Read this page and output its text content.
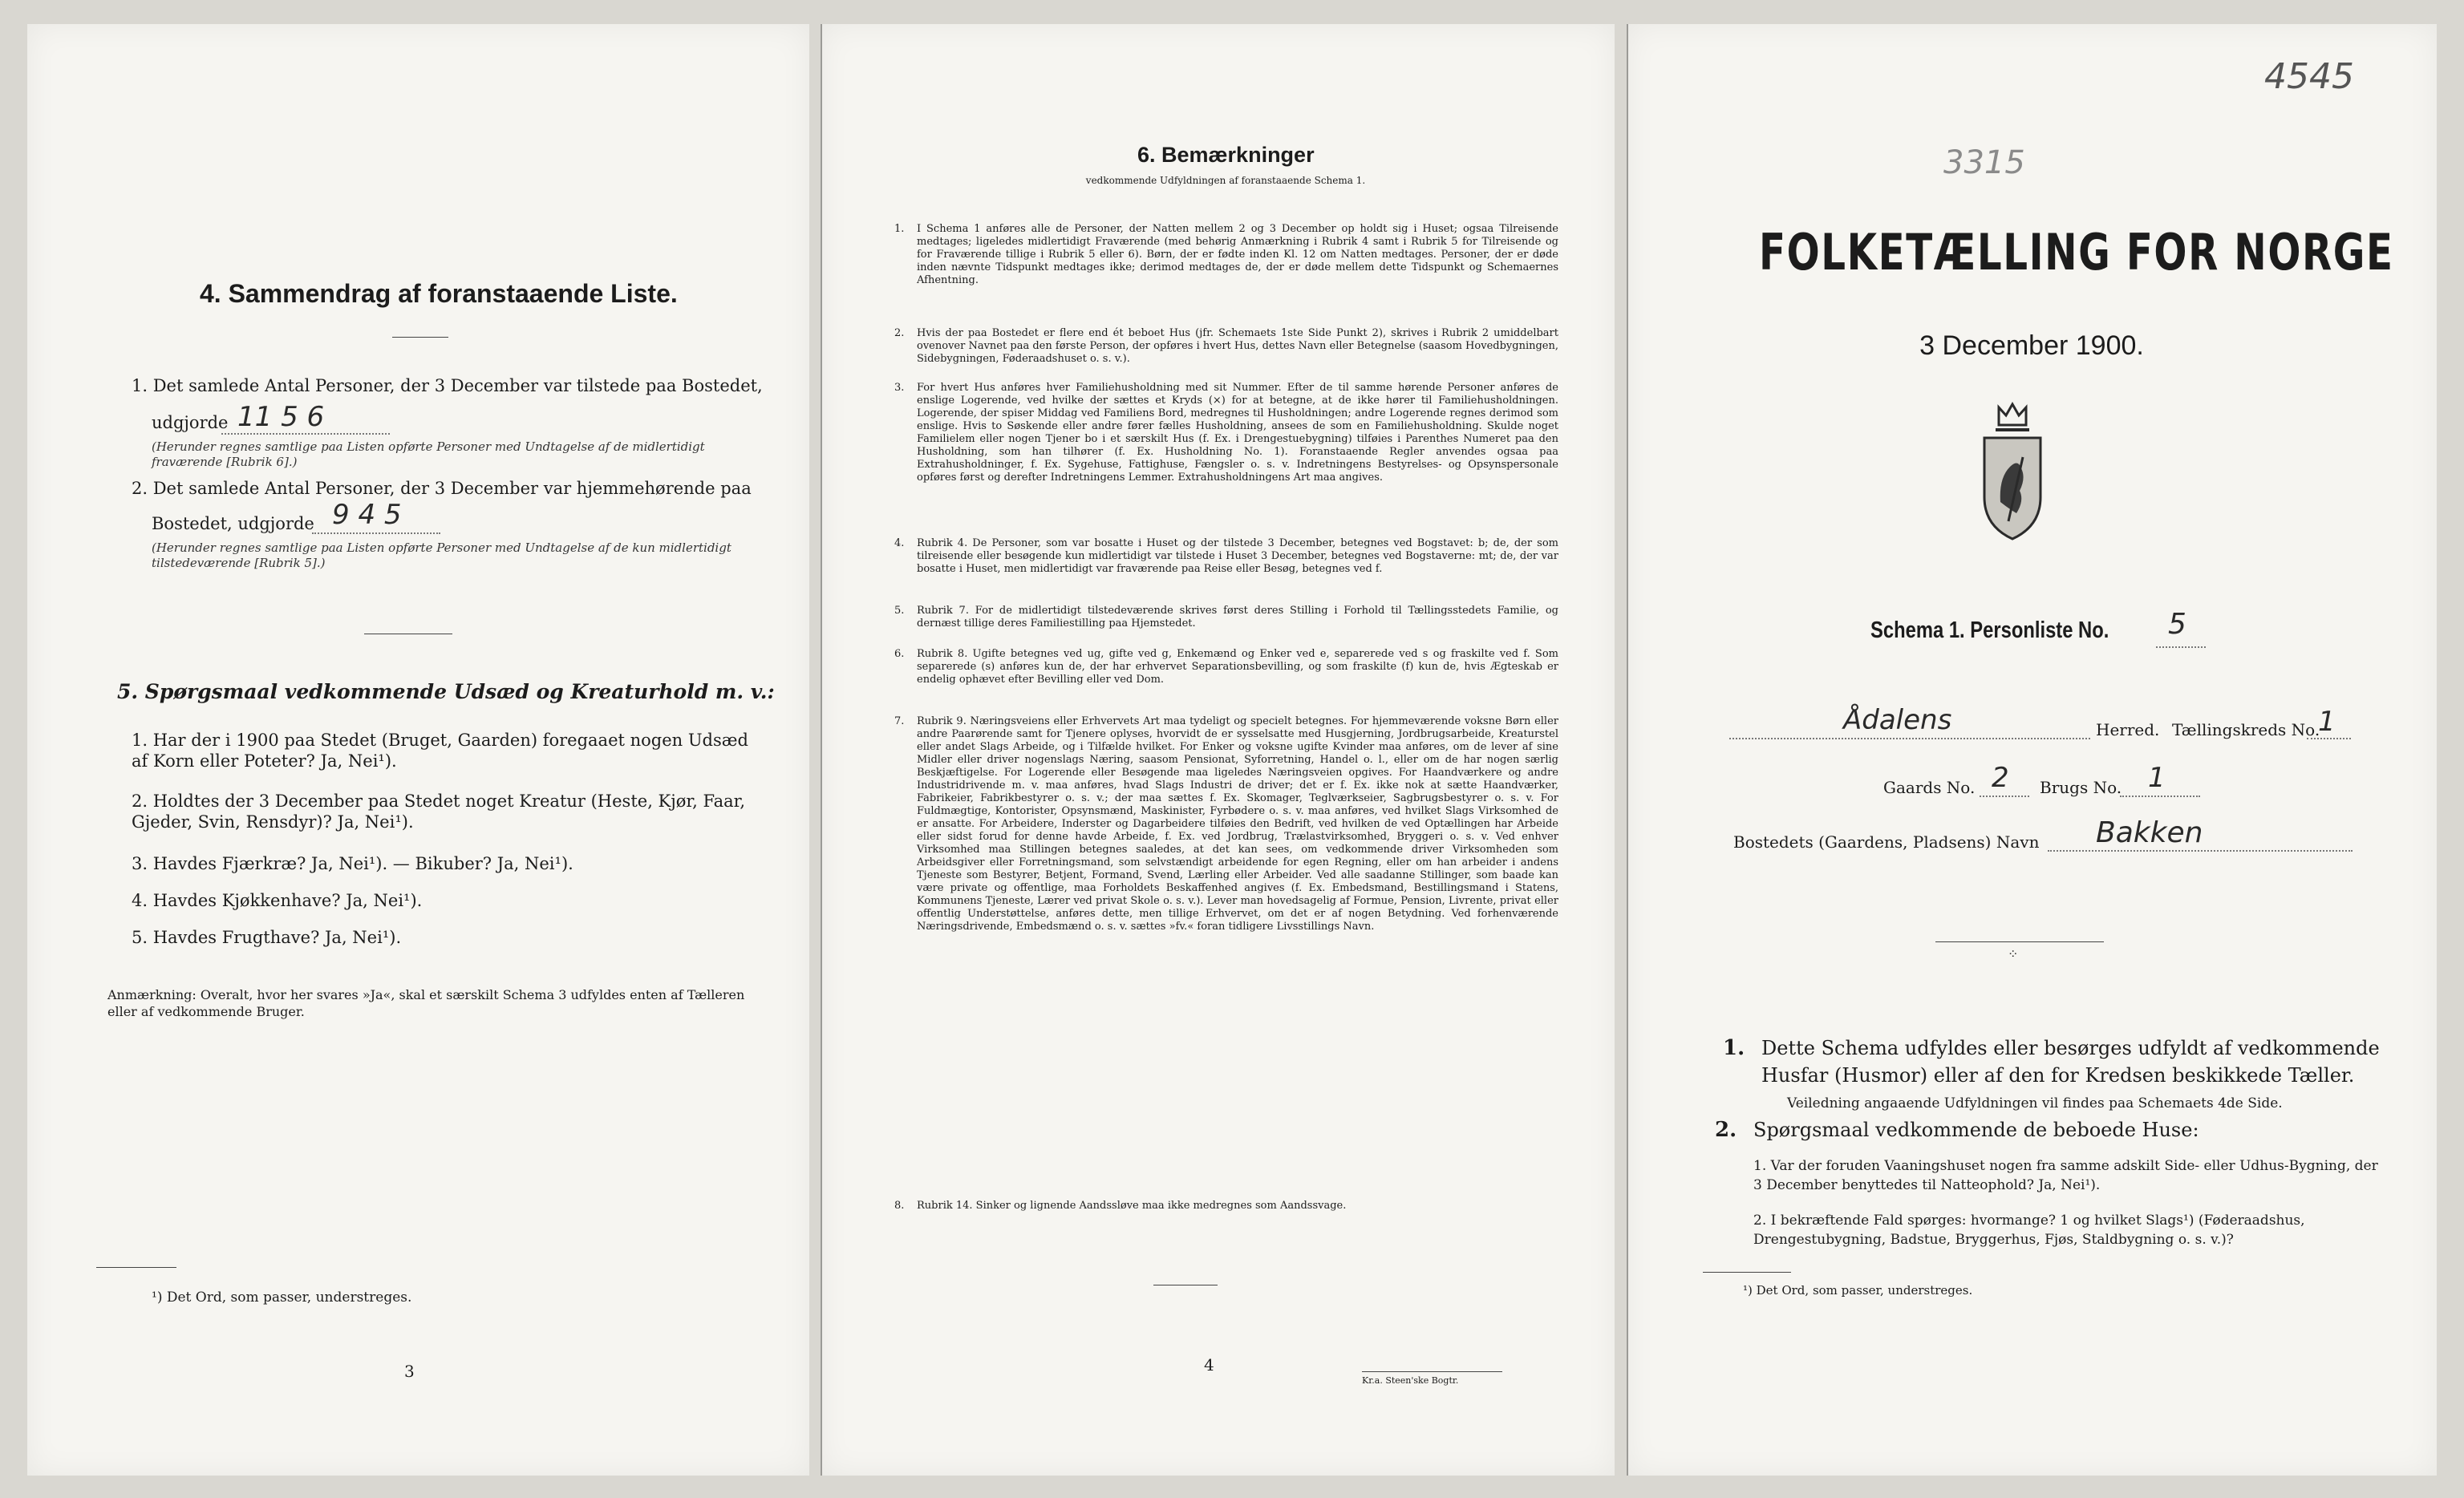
4. Sammendrag af foranstaaende Liste.
1. Det samlede Antal Personer, der 3 December var tilstede paa Bostedet,
udgjorde 11 5 6
(Herunder regnes samtlige paa Listen opførte Personer med Undtagelse af de midlertidigt fraværende [Rubrik 6].)
2. Det samlede Antal Personer, der 3 December var hjemmehørende paa
Bostedet, udgjorde 9 4 5
(Herunder regnes samtlige paa Listen opførte Personer med Undtagelse af de kun midlertidigt tilstedeværende [Rubrik 5].)
5. Spørgsmaal vedkommende Udsæd og Kreaturhold m. v.:
1. Har der i 1900 paa Stedet (Bruget, Gaarden) foregaaet nogen Udsæd af Korn eller Poteter? Ja, Nei¹).
2. Holdtes der 3 December paa Stedet noget Kreatur (Heste, Kjør, Faar, Gjeder, Svin, Rensdyr)? Ja, Nei¹).
3. Havdes Fjærkræ? Ja, Nei¹). — Bikuber? Ja, Nei¹).
4. Havdes Kjøkkenhave? Ja, Nei¹).
5. Havdes Frugthave? Ja, Nei¹).
Anmærkning: Overalt, hvor her svares »Ja«, skal et særskilt Schema 3 udfyldes enten af Tælleren eller af vedkommende Bruger.
¹) Det Ord, som passer, understreges.
3
6. Bemærkninger
vedkommende Udfyldningen af foranstaaende Schema 1.
1. I Schema 1 anføres alle de Personer, der Natten mellem 2 og 3 December op holdt sig i Huset; ogsaa Tilreisende medtages; ligeledes midlertidigt Fraværende (med behørig Anmærkning i Rubrik 4 samt i Rubrik 5 for Tilreisende og for Fraværende tillige i Rubrik 5 eller 6). Børn, der er fødte inden Kl. 12 om Natten medtages. Personer, der er døde inden nævnte Tidspunkt medtages ikke; derimod medtages de, der er døde mellem dette Tidspunkt og Schemaernes Afhentning.
2. Hvis der paa Bostedet er flere end ét beboet Hus (jfr. Schemaets 1ste Side Punkt 2), skrives i Rubrik 2 umiddelbart ovenover Navnet paa den første Person, der opføres i hvert Hus, dettes Navn eller Betegnelse (saasom Hovedbygningen, Sidebygningen, Føderaadshuset o. s. v.).
3. For hvert Hus anføres hver Familiehusholdning med sit Nummer. Efter de til samme hørende Personer anføres de enslige Logerende, ved hvilke der sættes et Kryds (×) for at betegne, at de ikke hører til Familiehusholdningen. Logerende, der spiser Middag ved Familiens Bord, medregnes til Husholdningen; andre Logerende regnes derimod som enslige. Hvis to Søskende eller andre fører fælles Husholdning, ansees de som en Familiehusholdning. Skulde noget Familielem eller nogen Tjener bo i et særskilt Hus (f. Ex. i Drengestuebygning) tilføies i Parenthes Numeret paa den Husholdning, som han tilhører (f. Ex. Husholdning No. 1). Foranstaaende Regler anvendes ogsaa paa Extrahusholdninger, f. Ex. Sygehuse, Fattighuse, Fængsler o. s. v. Indretningens Bestyrelses- og Opsynspersonale opføres først og derefter Indretningens Lemmer. Extrahusholdningens Art maa angives.
4. Rubrik 4. De Personer, som var bosatte i Huset og der tilstede 3 December, betegnes ved Bogstavet: b; de, der som tilreisende eller besøgende kun midlertidigt var tilstede i Huset 3 December, betegnes ved Bogstaverne: mt; de, der var bosatte i Huset, men midlertidigt var fraværende paa Reise eller Besøg, betegnes ved f.
5. Rubrik 7. For de midlertidigt tilstedeværende skrives først deres Stilling i Forhold til Tællingsstedets Familie, og dernæst tillige deres Familiestilling paa Hjemstedet.
6. Rubrik 8. Ugifte betegnes ved ug, gifte ved g, Enkemænd og Enker ved e, separerede ved s og fraskilte ved f. Som separerede (s) anføres kun de, der har erhvervet Separationsbevilling, og som fraskilte (f) kun de, hvis Ægteskab er endelig ophævet efter Bevilling eller ved Dom.
7. Rubrik 9. Næringsveiens eller Erhvervets Art maa tydeligt og specielt betegnes. For hjemmeværende voksne Børn eller andre Paarørende samt for Tjenere oplyses, hvorvidt de er sysselsatte med Husgjerning, Jordbrugsarbeide, Kreaturstel eller andet Slags Arbeide, og i Tilfælde hvilket. For Enker og voksne ugifte Kvinder maa anføres, om de lever af sine Midler eller driver nogenslags Næring, saasom Pensionat, Syforretning, Handel o. l., eller om de har nogen særlig Beskjæftigelse. For Logerende eller Besøgende maa ligeledes Næringsveien opgives. For Haandværkere og andre Industridrivende m. v. maa anføres, hvad Slags Industri de driver; det er f. Ex. ikke nok at sætte Haandværker, Fabrikeier, Fabrikbestyrer o. s. v.; der maa sættes f. Ex. Skomager, Teglværkseier, Sagbrugsbestyrer o. s. v. For Fuldmægtige, Kontorister, Opsynsmænd, Maskinister, Fyrbødere o. s. v. maa anføres, ved hvilket Slags Virksomhed de er ansatte. For Arbeidere, Inderster og Dagarbeidere tilføies den Bedrift, ved hvilken de ved Optællingen har Arbeide eller sidst forud for denne havde Arbeide, f. Ex. ved Jordbrug, Trælastvirksomhed, Bryggeri o. s. v. Ved enhver Virksomhed maa Stillingen betegnes saaledes, at det kan sees, om vedkommende driver Virksomheden som Arbeidsgiver eller Forretningsmand, som selvstændigt arbeidende for egen Regning, eller om han arbeider i andens Tjeneste som Bestyrer, Betjent, Formand, Svend, Lærling eller Arbeider. Ved alle saadanne Stillinger, som baade kan være private og offentlige, maa Forholdets Beskaffenhed angives (f. Ex. Embedsmand, Bestillingsmand i Statens, Kommunens Tjeneste, Lærer ved privat Skole o. s. v.). Lever man hovedsagelig af Formue, Pension, Livrente, privat eller offentlig Understøttelse, anføres dette, men tillige Erhvervet, om det er af nogen Betydning. Ved forhenværende Næringsdrivende, Embedsmænd o. s. v. sættes »fv.« foran tidligere Livsstillings Navn.
8. Rubrik 14. Sinker og lignende Aandssløve maa ikke medregnes som Aandssvage.
4
Kr.a. Steen'ske Bogtr.
4545
3315
FOLKETÆLLING FOR NORGE
3 December 1900.
Schema 1. Personliste No. 5
Ådalens	Herred. Tællingskreds No.
1
Gaards No. 2 Brugs No. 1
Bostedets (Gaardens, Pladsens) Navn Bakken
⁘
1. Dette Schema udfyldes eller besørges udfyldt af vedkommende Husfar (Husmor) eller af den for Kredsen beskikkede Tæller.
Veiledning angaaende Udfyldningen vil findes paa Schemaets 4de Side.
2. Spørgsmaal vedkommende de beboede Huse:
1. Var der foruden Vaaningshuset nogen fra samme adskilt Side- eller Udhus-Bygning, der 3 December benyttedes til Natteophold? Ja, Nei¹).
2. I bekræftende Fald spørges: hvormange? 1 og hvilket Slags¹) (Føderaadshus, Drengestubygning, Badstue, Bryggerhus, Fjøs, Staldbygning o. s. v.)?
¹) Det Ord, som passer, understreges.
